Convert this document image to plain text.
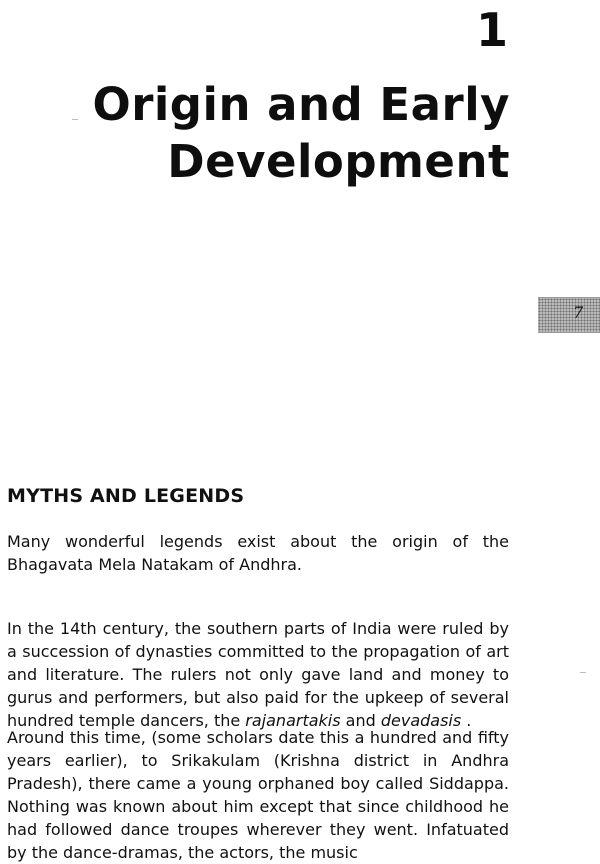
1
Origin and Early Development
7
MYTHS AND LEGENDS

Many wonderful legends exist about the origin of the Bhagavata Mela Natakam of Andhra.

In the 14th century, the southern parts of India were ruled by a succession of dynasties committed to the propagation of art and literature. The rulers not only gave land and money to gurus and performers, but also paid for the upkeep of several hundred temple dancers, the rajanartakis and devadasis .

Around this time, (some scholars date this a hundred and fifty years earlier), to Srikakulam (Krishna district in Andhra Pradesh), there came a young orphaned boy called Siddappa. Nothing was known about him except that since childhood he had followed dance troupes wherever they went. Infatuated by the dance-dramas, the actors, the music
